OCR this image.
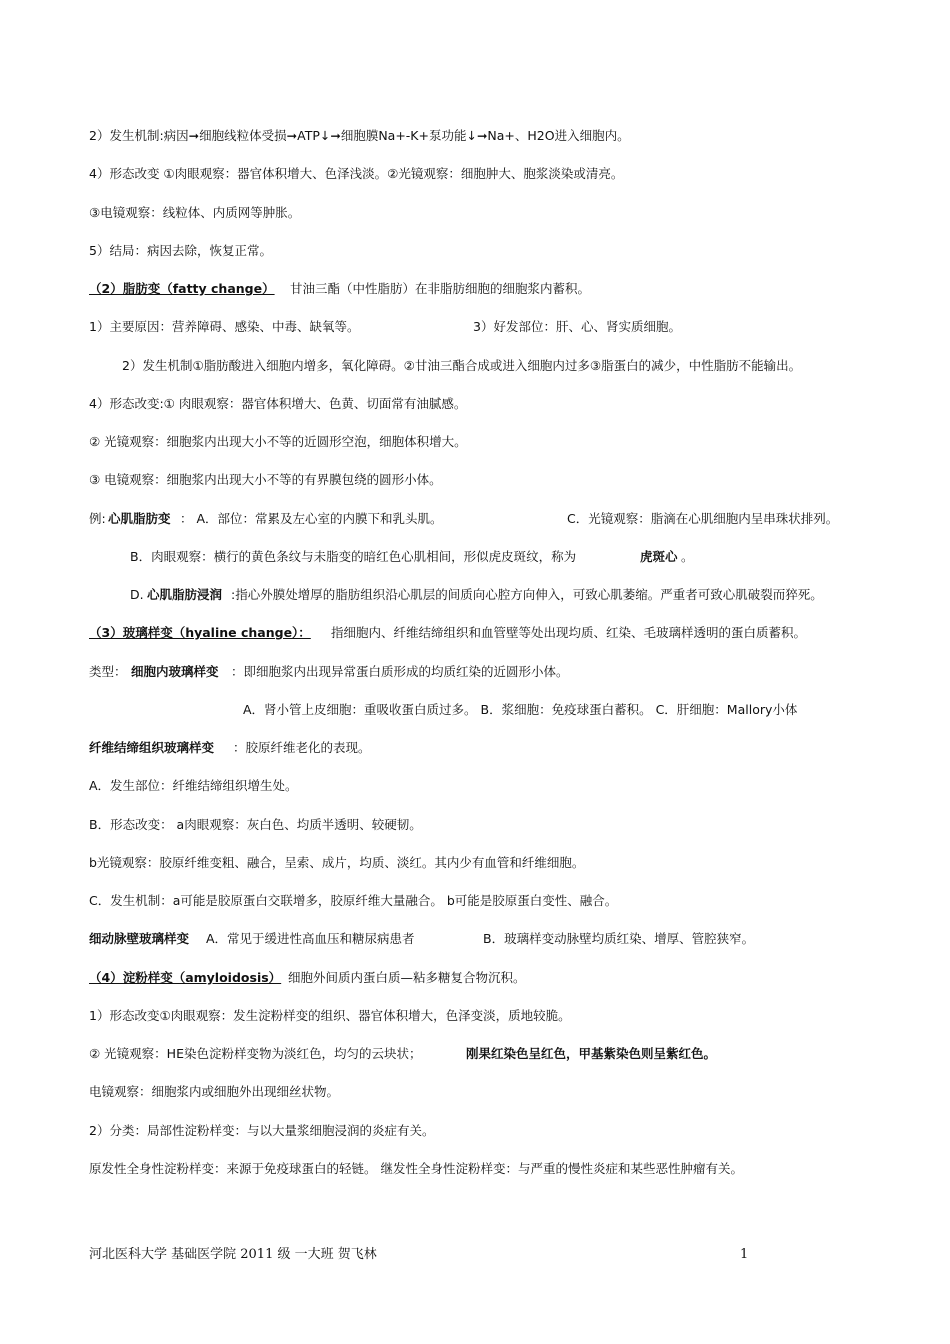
2）发生机制:病因➞细胞线粒体受损➞ATP↓➞细胞膜Na+-K+泵功能↓➞Na+、H2O进入细胞内。
4）形态改变 ①肉眼观察：器官体积增大、色泽浅淡。②光镜观察：细胞肿大、胞浆淡染或清亮。
③电镜观察：线粒体、内质网等肿胀。
5）结局：病因去除，恢复正常。
（2）脂肪变（fatty change） 甘油三酯（中性脂肪）在非脂肪细胞的细胞浆内蓄积。
1）主要原因：营养障碍、感染、中毒、缺氧等。	3）好发部位：肝、心、肾实质细胞。
2）发生机制①脂肪酸进入细胞内增多，氧化障碍。②甘油三酯合成或进入细胞内过多③脂蛋白的减少，中性脂肪不能输出。
4）形态改变:① 肉眼观察：器官体积增大、色黄、切面常有油腻感。
② 光镜观察：细胞浆内出现大小不等的近圆形空泡，细胞体积增大。
③ 电镜观察：细胞浆内出现大小不等的有界膜包绕的圆形小体。
例: 心肌脂肪变 ： A．部位：常累及左心室的内膜下和乳头肌。	C．光镜观察：脂滴在心肌细胞内呈串珠状排列。
B．肉眼观察：横行的黄色条纹与未脂变的暗红色心肌相间，形似虎皮斑纹，称为	虎斑心 。
D. 心肌脂肪浸润 :指心外膜处增厚的脂肪组织沿心肌层的间质向心腔方向伸入，可致心肌萎缩。严重者可致心肌破裂而猝死。
（3）玻璃样变（hyaline change）： 指细胞内、纤维结缔组织和血管壁等处出现均质、红染、毛玻璃样透明的蛋白质蓄积。
类型： 细胞内玻璃样变 ：即细胞浆内出现异常蛋白质形成的均质红染的近圆形小体。
A．肾小管上皮细胞：重吸收蛋白质过多。 B．浆细胞：免疫球蛋白蓄积。 C．肝细胞：Mallory小体
纤维结缔组织玻璃样变 ：胶原纤维老化的表现。
A．发生部位：纤维结缔组织增生处。
B．形态改变： a肉眼观察：灰白色、均质半透明、较硬韧。
b光镜观察：胶原纤维变粗、融合，呈索、成片，均质、淡红。其内少有血管和纤维细胞。
C．发生机制：a可能是胶原蛋白交联增多，胶原纤维大量融合。 b可能是胶原蛋白变性、融合。
细动脉壁玻璃样变 A．常见于缓进性高血压和糖尿病患者	B．玻璃样变动脉壁均质红染、增厚、管腔狭窄。
（4）淀粉样变（amyloidosis） 细胞外间质内蛋白质—粘多糖复合物沉积。
1）形态改变①肉眼观察：发生淀粉样变的组织、器官体积增大，色泽变淡，质地较脆。
② 光镜观察：HE染色淀粉样变物为淡红色，均匀的云块状；	刚果红染色呈红色，甲基紫染色则呈紫红色。
电镜观察：细胞浆内或细胞外出现细丝状物。
2）分类：局部性淀粉样变：与以大量浆细胞浸润的炎症有关。
原发性全身性淀粉样变：来源于免疫球蛋白的轻链。 继发性全身性淀粉样变：与严重的慢性炎症和某些恶性肿瘤有关。
河北医科大学 基础医学院 2011 级 一大班 贺飞林	1
